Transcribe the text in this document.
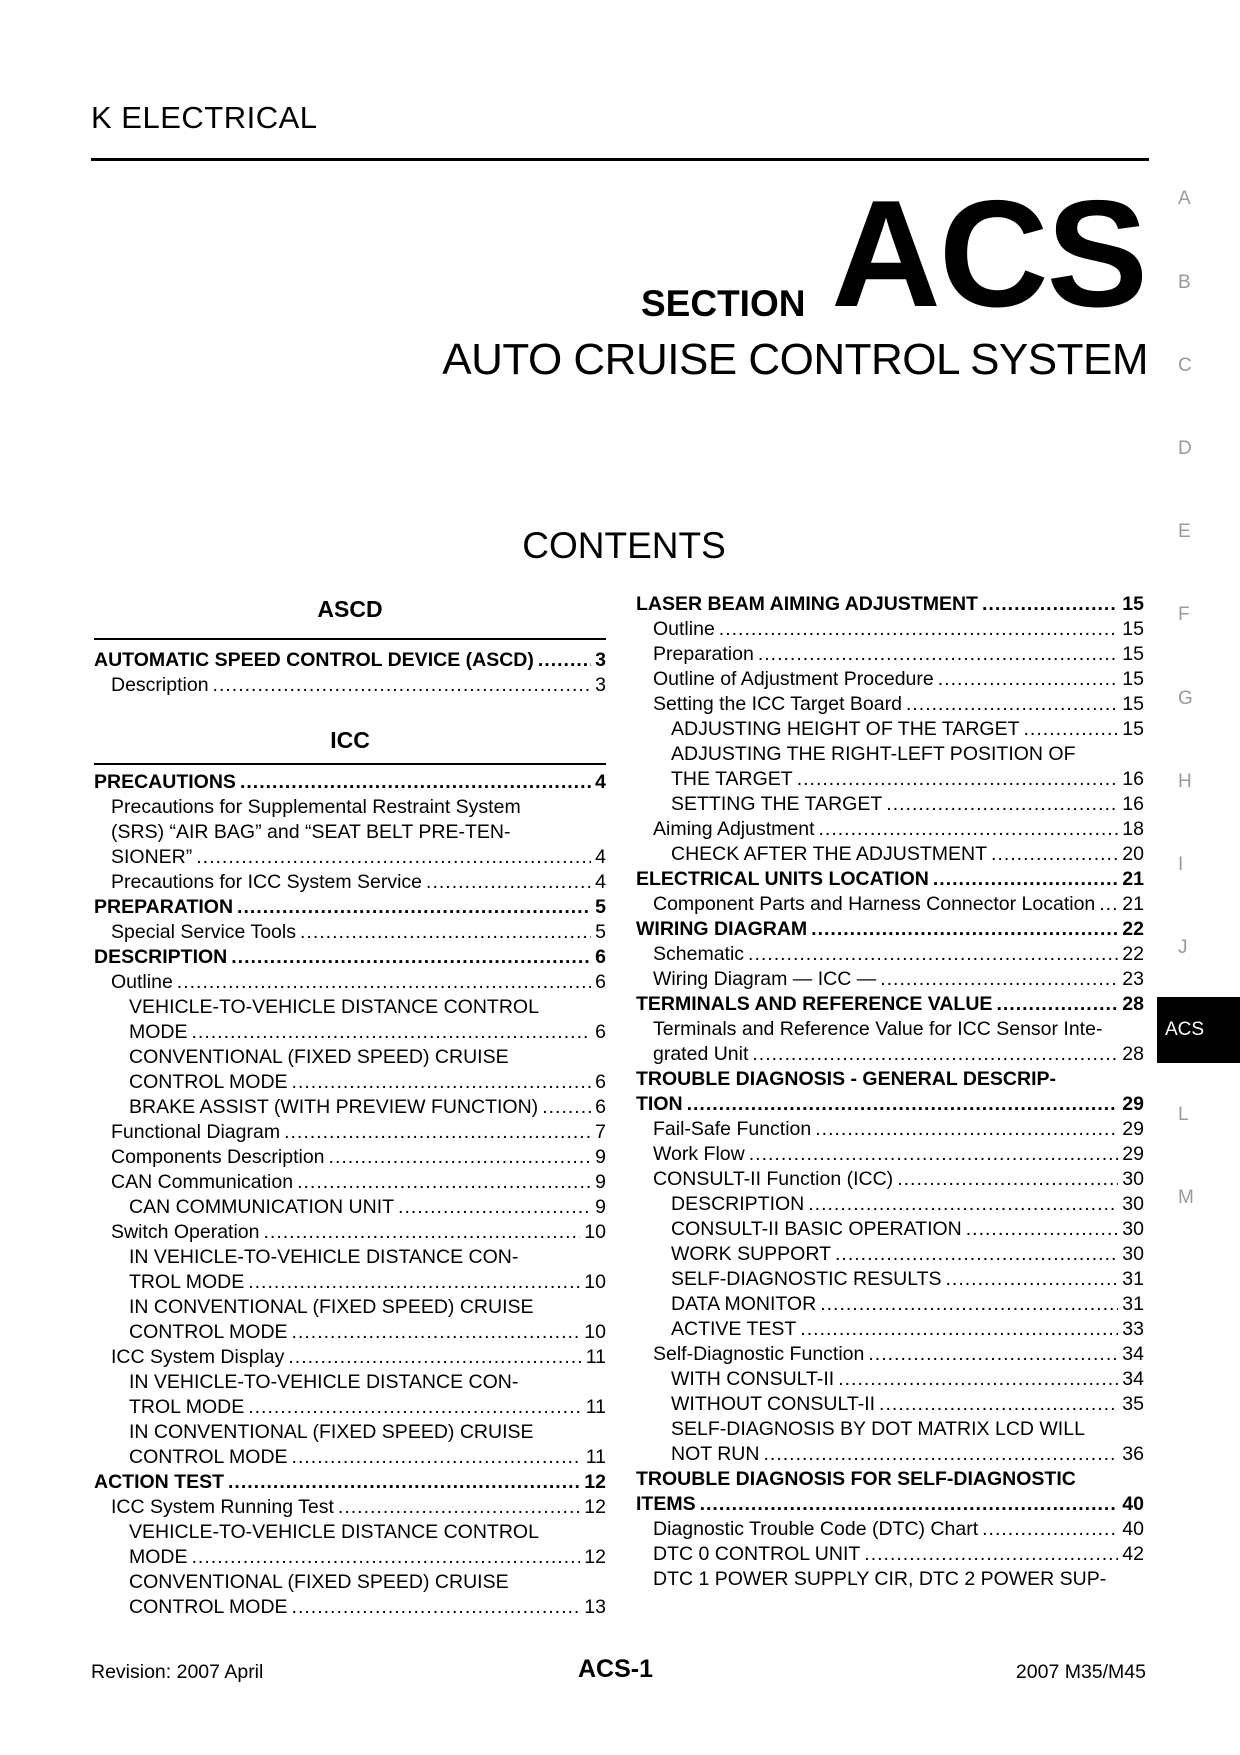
K ELECTRICAL
SECTION ACS
AUTO CRUISE CONTROL SYSTEM
CONTENTS
A
B
C
D
E
F
G
H
I
J
ACS
L
M
ASCD
ICC
AUTOMATIC SPEED CONTROL DEVICE (ASCD) .....	3
Description .....	3
PRECAUTIONS .....	4
Precautions for Supplemental Restraint System
(SRS) “AIR BAG” and “SEAT BELT PRE-TEN-
SIONER” .....	4
Precautions for ICC System Service .....	4
PREPARATION .....	5
Special Service Tools .....	5
DESCRIPTION .....	6
Outline .....	6
VEHICLE-TO-VEHICLE DISTANCE CONTROL
MODE .....	6
CONVENTIONAL (FIXED SPEED) CRUISE
CONTROL MODE .....	6
BRAKE ASSIST (WITH PREVIEW FUNCTION) .....	6
Functional Diagram .....	7
Components Description .....	9
CAN Communication .....	9
CAN COMMUNICATION UNIT .....	9
Switch Operation .....	10
IN VEHICLE-TO-VEHICLE DISTANCE CON-
TROL MODE .....	10
IN CONVENTIONAL (FIXED SPEED) CRUISE
CONTROL MODE .....	10
ICC System Display .....	11
IN VEHICLE-TO-VEHICLE DISTANCE CON-
TROL MODE .....	11
IN CONVENTIONAL (FIXED SPEED) CRUISE
CONTROL MODE .....	11
ACTION TEST .....	12
ICC System Running Test .....	12
VEHICLE-TO-VEHICLE DISTANCE CONTROL
MODE .....	12
CONVENTIONAL (FIXED SPEED) CRUISE
CONTROL MODE .....	13
LASER BEAM AIMING ADJUSTMENT .....	15
Outline .....	15
Preparation .....	15
Outline of Adjustment Procedure .....	15
Setting the ICC Target Board .....	15
ADJUSTING HEIGHT OF THE TARGET .....	15
ADJUSTING THE RIGHT-LEFT POSITION OF
THE TARGET .....	16
SETTING THE TARGET .....	16
Aiming Adjustment .....	18
CHECK AFTER THE ADJUSTMENT .....	20
ELECTRICAL UNITS LOCATION .....	21
Component Parts and Harness Connector Location ..... 21
WIRING DIAGRAM .....	22
Schematic .....	22
Wiring Diagram — ICC — .....	23
TERMINALS AND REFERENCE VALUE .....	28
Terminals and Reference Value for ICC Sensor Inte-
grated Unit .....	28
TROUBLE DIAGNOSIS - GENERAL DESCRIP-
TION .....	29
Fail-Safe Function .....	29
Work Flow .....	29
CONSULT-II Function (ICC) .....	30
DESCRIPTION .....	30
CONSULT-II BASIC OPERATION .....	30
WORK SUPPORT .....	30
SELF-DIAGNOSTIC RESULTS .....	31
DATA MONITOR .....	31
ACTIVE TEST .....	33
Self-Diagnostic Function .....	34
WITH CONSULT-II .....	34
WITHOUT CONSULT-II .....	35
SELF-DIAGNOSIS BY DOT MATRIX LCD WILL
NOT RUN .....	36
TROUBLE DIAGNOSIS FOR SELF-DIAGNOSTIC
ITEMS .....	40
Diagnostic Trouble Code (DTC) Chart .....	40
DTC 0 CONTROL UNIT .....	42
DTC 1 POWER SUPPLY CIR, DTC 2 POWER SUP-
Revision: 2007 April	ACS-1	2007 M35/M45
